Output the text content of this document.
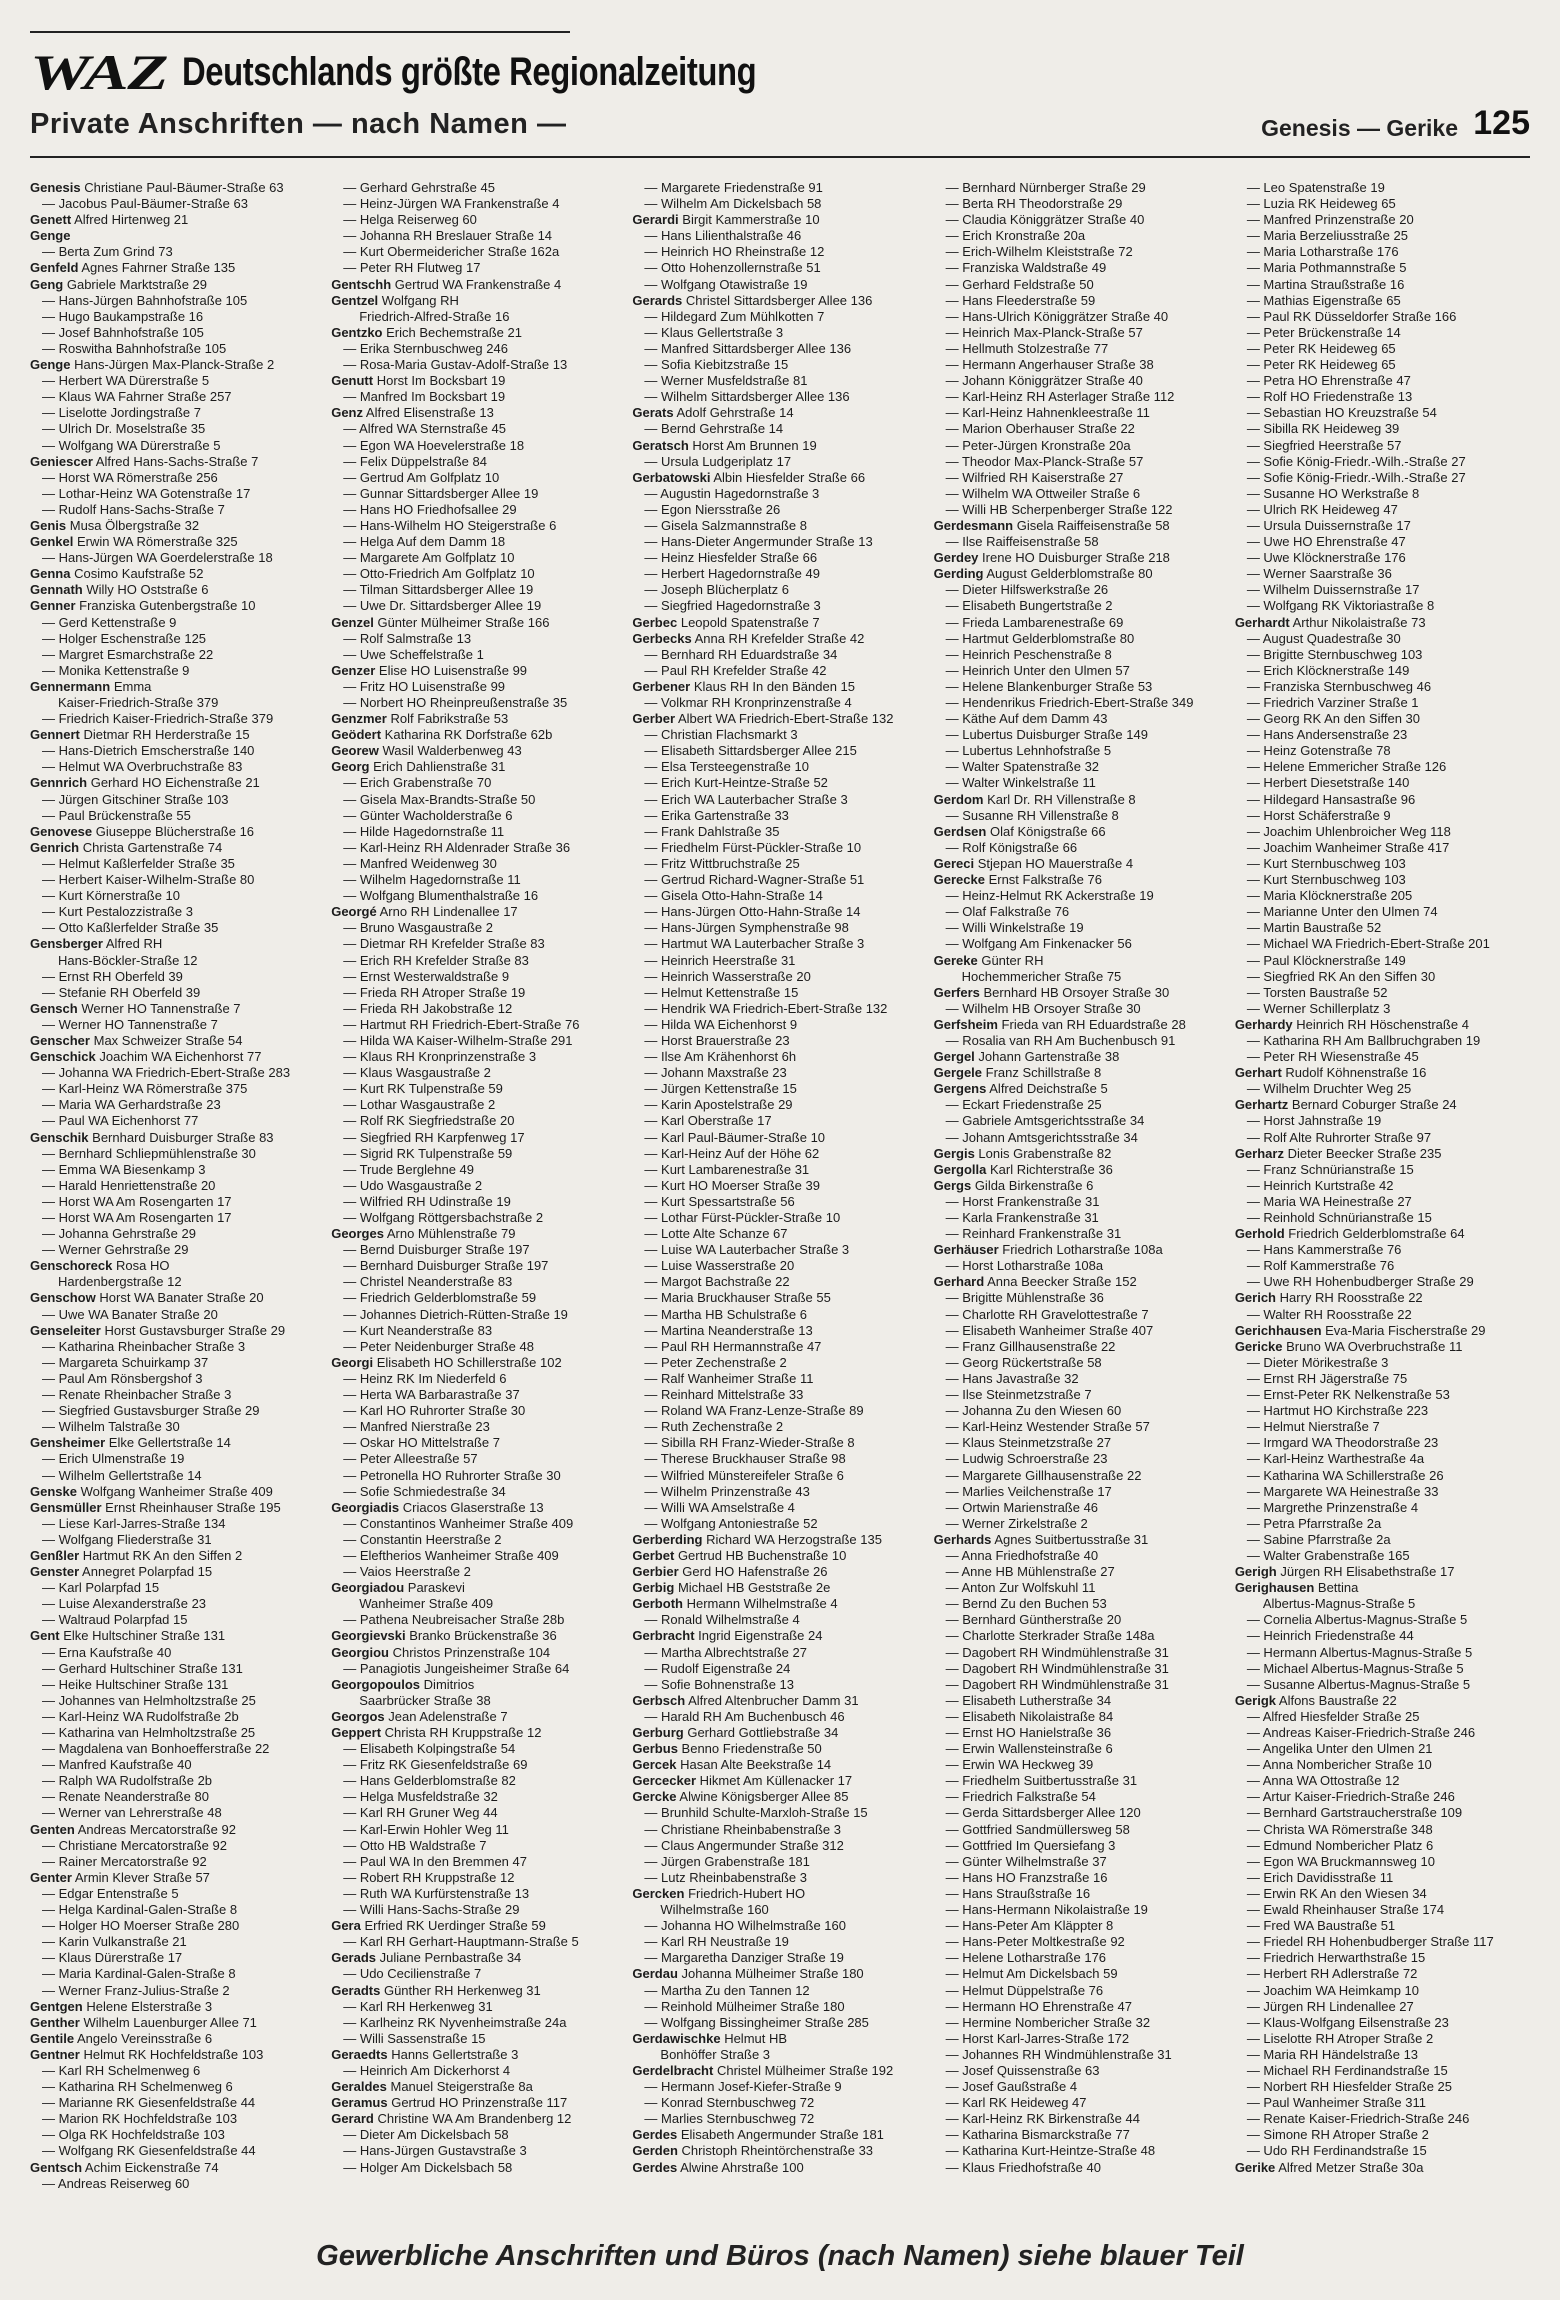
WAZ Deutschlands größte Regionalzeitung
Private Anschriften — nach Namen —	Genesis — Gerike 125
Genesis Christiane Paul-Bäumer-Straße 63
— Jacobus Paul-Bäumer-Straße 63
Genett Alfred Hirtenweg 21
Genge
— Berta Zum Grind 73
Genfeld Agnes Fahrner Straße 135
Geng Gabriele Marktstraße 29
— Hans-Jürgen Bahnhofstraße 105
— Hugo Baukampstraße 16
— Josef Bahnhofstraße 105
— Roswitha Bahnhofstraße 105
Genge Hans-Jürgen Max-Planck-Straße 2
— Herbert WA Dürerstraße 5
— Klaus WA Fahrner Straße 257
— Liselotte Jordingstraße 7
— Ulrich Dr. Moselstraße 35
— Wolfgang WA Dürerstraße 5
Geniescer Alfred Hans-Sachs-Straße 7
— Horst WA Römerstraße 256
— Lothar-Heinz WA Gotenstraße 17
— Rudolf Hans-Sachs-Straße 7
Genis Musa Ölbergstraße 32
Genkel Erwin WA Römerstraße 325
— Hans-Jürgen WA Goerdelerstraße 18
Genna Cosimo Kaufstraße 52
Gennath Willy HO Oststraße 6
Genner Franziska Gutenbergstraße 10
— Gerd Kettenstraße 9
— Holger Eschenstraße 125
— Margret Esmarchstraße 22
— Monika Kettenstraße 9
Gennermann Emma
Kaiser-Friedrich-Straße 379
— Friedrich Kaiser-Friedrich-Straße 379
Gennert Dietmar RH Herderstraße 15
— Hans-Dietrich Emscherstraße 140
— Helmut WA Overbruchstraße 83
Gennrich Gerhard HO Eichenstraße 21
— Jürgen Gitschiner Straße 103
— Paul Brückenstraße 55
Genovese Giuseppe Blücherstraße 16
Genrich Christa Gartenstraße 74
— Helmut Kaßlerfelder Straße 35
— Herbert Kaiser-Wilhelm-Straße 80
— Kurt Körnerstraße 10
— Kurt Pestalozzistraße 3
— Otto Kaßlerfelder Straße 35
Gensberger Alfred RH
Hans-Böckler-Straße 12
— Ernst RH Oberfeld 39
— Stefanie RH Oberfeld 39
Gensch Werner HO Tannenstraße 7
— Werner HO Tannenstraße 7
Genscher Max Schweizer Straße 54
Genschick Joachim WA Eichenhorst 77
— Johanna WA Friedrich-Ebert-Straße 283
— Karl-Heinz WA Römerstraße 375
— Maria WA Gerhardstraße 23
— Paul WA Eichenhorst 77
Genschik Bernhard Duisburger Straße 83
— Bernhard Schliepmühlenstraße 30
— Emma WA Biesenkamp 3
— Harald Henriettenstraße 20
— Horst WA Am Rosengarten 17
— Horst WA Am Rosengarten 17
— Johanna Gehrstraße 29
— Werner Gehrstraße 29
Genschoreck Rosa HO
Hardenbergstraße 12
Genschow Horst WA Banater Straße 20
— Uwe WA Banater Straße 20
Genseleiter Horst Gustavsburger Straße 29
— Katharina Rheinbacher Straße 3
— Margareta Schuirkamp 37
— Paul Am Rönsbergshof 3
— Renate Rheinbacher Straße 3
— Siegfried Gustavsburger Straße 29
— Wilhelm Talstraße 30
Gensheimer Elke Gellertstraße 14
— Erich Ulmenstraße 19
— Wilhelm Gellertstraße 14
Genske Wolfgang Wanheimer Straße 409
Gensmüller Ernst Rheinhauser Straße 195
— Liese Karl-Jarres-Straße 134
— Wolfgang Fliederstraße 31
Genßler Hartmut RK An den Siffen 2
Genster Annegret Polarpfad 15
— Karl Polarpfad 15
— Luise Alexanderstraße 23
— Waltraud Polarpfad 15
Gent Elke Hultschiner Straße 131
— Erna Kaufstraße 40
— Gerhard Hultschiner Straße 131
— Heike Hultschiner Straße 131
— Johannes van Helmholtzstraße 25
— Karl-Heinz WA Rudolfstraße 2b
— Katharina van Helmholtzstraße 25
— Magdalena van Bonhoefferstraße 22
— Manfred Kaufstraße 40
— Ralph WA Rudolfstraße 2b
— Renate Neanderstraße 80
— Werner van Lehrerstraße 48
Genten Andreas Mercatorstraße 92
— Christiane Mercatorstraße 92
— Rainer Mercatorstraße 92
Genter Armin Klever Straße 57
— Edgar Entenstraße 5
— Helga Kardinal-Galen-Straße 8
— Holger HO Moerser Straße 280
— Karin Vulkanstraße 21
— Klaus Dürerstraße 17
— Maria Kardinal-Galen-Straße 8
— Werner Franz-Julius-Straße 2
Gentgen Helene Elsterstraße 3
Genther Wilhelm Lauenburger Allee 71
Gentile Angelo Vereinsstraße 6
Gentner Helmut RK Hochfeldstraße 103
— Karl RH Schelmenweg 6
— Katharina RH Schelmenweg 6
— Marianne RK Giesenfeldstraße 44
— Marion RK Hochfeldstraße 103
— Olga RK Hochfeldstraße 103
— Wolfgang RK Giesenfeldstraße 44
Gentsch Achim Eickenstraße 74
— Andreas Reiserweg 60
— Gerhard Gehrstraße 45
— Heinz-Jürgen WA Frankenstraße 4
— Helga Reiserweg 60
— Johanna RH Breslauer Straße 14
— Kurt Obermeidericher Straße 162a
— Peter RH Flutweg 17
Gentschh Gertrud WA Frankenstraße 4
Gentzel Wolfgang RH
Friedrich-Alfred-Straße 16
Gentzko Erich Bechemstraße 21
— Erika Sternbuschweg 246
— Rosa-Maria Gustav-Adolf-Straße 13
Genutt Horst Im Bocksbart 19
— Manfred Im Bocksbart 19
Genz Alfred Elisenstraße 13
— Alfred WA Sternstraße 45
— Egon WA Hoevelerstraße 18
— Felix Düppelstraße 84
— Gertrud Am Golfplatz 10
— Gunnar Sittardsberger Allee 19
— Hans HO Friedhofsallee 29
— Hans-Wilhelm HO Steigerstraße 6
— Helga Auf dem Damm 18
— Margarete Am Golfplatz 10
— Otto-Friedrich Am Golfplatz 10
— Tilman Sittardsberger Allee 19
— Uwe Dr. Sittardsberger Allee 19
Genzel Günter Mülheimer Straße 166
— Rolf Salmstraße 13
— Uwe Scheffelstraße 1
Genzer Elise HO Luisenstraße 99
— Fritz HO Luisenstraße 99
— Norbert HO Rheinpreußenstraße 35
Genzmer Rolf Fabrikstraße 53
Geödert Katharina RK Dorfstraße 62b
Georew Wasil Walderbenweg 43
Georg Erich Dahlienstraße 31
— Erich Grabenstraße 70
— Gisela Max-Brandts-Straße 50
— Günter Wacholderstraße 6
— Hilde Hagedornstraße 11
— Karl-Heinz RH Aldenrader Straße 36
— Manfred Weidenweg 30
— Wilhelm Hagedornstraße 11
— Wolfgang Blumenthalstraße 16
Georgé Arno RH Lindenallee 17
— Bruno Wasgaustraße 2
— Dietmar RH Krefelder Straße 83
— Erich RH Krefelder Straße 83
— Ernst Westerwaldstraße 9
— Frieda RH Atroper Straße 19
— Frieda RH Jakobstraße 12
— Hartmut RH Friedrich-Ebert-Straße 76
— Hilda WA Kaiser-Wilhelm-Straße 291
— Klaus RH Kronprinzenstraße 3
— Klaus Wasgaustraße 2
— Kurt RK Tulpenstraße 59
— Lothar Wasgaustraße 2
— Rolf RK Siegfriedstraße 20
— Siegfried RH Karpfenweg 17
— Sigrid RK Tulpenstraße 59
— Trude Berglehne 49
— Udo Wasgaustraße 2
— Wilfried RH Udinstraße 19
— Wolfgang Röttgersbachstraße 2
Georges Arno Mühlenstraße 79
— Bernd Duisburger Straße 197
— Bernhard Duisburger Straße 197
— Christel Neanderstraße 83
— Friedrich Gelderblomstraße 59
— Johannes Dietrich-Rütten-Straße 19
— Kurt Neanderstraße 83
— Peter Neidenburger Straße 48
Georgi Elisabeth HO Schillerstraße 102
— Heinz RK Im Niederfeld 6
— Herta WA Barbarastraße 37
— Karl HO Ruhrorter Straße 30
— Manfred Nierstraße 23
— Oskar HO Mittelstraße 7
— Peter Alleestraße 57
— Petronella HO Ruhrorter Straße 30
— Sofie Schmiedestraße 34
Georgiadis Criacos Glaserstraße 13
— Constantinos Wanheimer Straße 409
— Constantin Heerstraße 2
— Eleftherios Wanheimer Straße 409
— Vaios Heerstraße 2
Georgiadou Paraskevi
Wanheimer Straße 409
— Pathena Neubreisacher Straße 28b
Georgievski Branko Brückenstraße 36
Georgiou Christos Prinzenstraße 104
— Panagiotis Jungeisheimer Straße 64
Georgopoulos Dimitrios
Saarbrücker Straße 38
Georgos Jean Adelenstraße 7
Geppert Christa RH Kruppstraße 12
— Elisabeth Kolpingstraße 54
— Fritz RK Giesenfeldstraße 69
— Hans Gelderblomstraße 82
— Helga Musfeldstraße 32
— Karl RH Gruner Weg 44
— Karl-Erwin Hohler Weg 11
— Otto HB Waldstraße 7
— Paul WA In den Bremmen 47
— Robert RH Kruppstraße 12
— Ruth WA Kurfürstenstraße 13
— Willi Hans-Sachs-Straße 29
Gera Erfried RK Uerdinger Straße 59
— Karl RH Gerhart-Hauptmann-Straße 5
Gerads Juliane Pernbastraße 34
— Udo Cecilienstraße 7
Geradts Günther RH Herkenweg 31
— Karl RH Herkenweg 31
— Karlheinz RK Nyvenheimstraße 24a
— Willi Sassenstraße 15
Geraedts Hanns Gellertstraße 3
— Heinrich Am Dickerhorst 4
Geraldes Manuel Steigerstraße 8a
Geramus Gertrud HO Prinzenstraße 117
Gerard Christine WA Am Brandenberg 12
— Dieter Am Dickelsbach 58
— Hans-Jürgen Gustavstraße 3
— Holger Am Dickelsbach 58
— Margarete Friedenstraße 91
— Wilhelm Am Dickelsbach 58
Gerardi Birgit Kammerstraße 10
— Hans Lilienthalstraße 46
— Heinrich HO Rheinstraße 12
— Otto Hohenzollernstraße 51
— Wolfgang Otawistraße 19
Gerards Christel Sittardsberger Allee 136
— Hildegard Zum Mühlkotten 7
— Klaus Gellertstraße 3
— Manfred Sittardsberger Allee 136
— Sofia Kiebitzstraße 15
— Werner Musfeldstraße 81
— Wilhelm Sittardsberger Allee 136
Gerats Adolf Gehrstraße 14
— Bernd Gehrstraße 14
Geratsch Horst Am Brunnen 19
— Ursula Ludgeriplatz 17
Gerbatowski Albin Hiesfelder Straße 66
— Augustin Hagedornstraße 3
— Egon Niersstraße 26
— Gisela Salzmannstraße 8
— Hans-Dieter Angermunder Straße 13
— Heinz Hiesfelder Straße 66
— Herbert Hagedornstraße 49
— Joseph Blücherplatz 6
— Siegfried Hagedornstraße 3
Gerbec Leopold Spatenstraße 7
Gerbecks Anna RH Krefelder Straße 42
— Bernhard RH Eduardstraße 34
— Paul RH Krefelder Straße 42
Gerbener Klaus RH In den Bänden 15
— Volkmar RH Kronprinzenstraße 4
Gerber Albert WA Friedrich-Ebert-Straße 132
— Christian Flachsmarkt 3
— Elisabeth Sittardsberger Allee 215
— Elsa Tersteegenstraße 10
— Erich Kurt-Heintze-Straße 52
— Erich WA Lauterbacher Straße 3
— Erika Gartenstraße 33
— Frank Dahlstraße 35
— Friedhelm Fürst-Pückler-Straße 10
— Fritz Wittbruchstraße 25
— Gertrud Richard-Wagner-Straße 51
— Gisela Otto-Hahn-Straße 14
— Hans-Jürgen Otto-Hahn-Straße 14
— Hans-Jürgen Symphenstraße 98
— Hartmut WA Lauterbacher Straße 3
— Heinrich Heerstraße 31
— Heinrich Wasserstraße 20
— Helmut Kettenstraße 15
— Hendrik WA Friedrich-Ebert-Straße 132
— Hilda WA Eichenhorst 9
— Horst Brauerstraße 23
— Ilse Am Krähenhorst 6h
— Johann Maxstraße 23
— Jürgen Kettenstraße 15
— Karin Apostelstraße 29
— Karl Oberstraße 17
— Karl Paul-Bäumer-Straße 10
— Karl-Heinz Auf der Höhe 62
— Kurt Lambarenestraße 31
— Kurt HO Moerser Straße 39
— Kurt Spessartstraße 56
— Lothar Fürst-Pückler-Straße 10
— Lotte Alte Schanze 67
— Luise WA Lauterbacher Straße 3
— Luise Wasserstraße 20
— Margot Bachstraße 22
— Maria Bruckhauser Straße 55
— Martha HB Schulstraße 6
— Martina Neanderstraße 13
— Paul RH Hermannstraße 47
— Peter Zechenstraße 2
— Ralf Wanheimer Straße 11
— Reinhard Mittelstraße 33
— Roland WA Franz-Lenze-Straße 89
— Ruth Zechenstraße 2
— Sibilla RH Franz-Wieder-Straße 8
— Therese Bruckhauser Straße 98
— Wilfried Münstereifeler Straße 6
— Wilhelm Prinzenstraße 43
— Willi WA Amselstraße 4
— Wolfgang Antoniestraße 52
Gerberding Richard WA Herzogstraße 135
Gerbet Gertrud HB Buchenstraße 10
Gerbier Gerd HO Hafenstraße 26
Gerbig Michael HB Geststraße 2e
Gerboth Hermann Wilhelmstraße 4
— Ronald Wilhelmstraße 4
Gerbracht Ingrid Eigenstraße 24
— Martha Albrechtstraße 27
— Rudolf Eigenstraße 24
— Sofie Bohnenstraße 13
Gerbsch Alfred Altenbrucher Damm 31
— Harald RH Am Buchenbusch 46
Gerburg Gerhard Gottliebstraße 34
Gerbus Benno Friedenstraße 50
Gercek Hasan Alte Beekstraße 14
Gercecker Hikmet Am Küllenacker 17
Gercke Alwine Königsberger Allee 85
— Brunhild Schulte-Marxloh-Straße 15
— Christiane Rheinbabenstraße 3
— Claus Angermunder Straße 312
— Jürgen Grabenstraße 181
— Lutz Rheinbabenstraße 3
Gercken Friedrich-Hubert HO
Wilhelmstraße 160
— Johanna HO Wilhelmstraße 160
— Karl RH Neustraße 19
— Margaretha Danziger Straße 19
Gerdau Johanna Mülheimer Straße 180
— Martha Zu den Tannen 12
— Reinhold Mülheimer Straße 180
— Wolfgang Bissingheimer Straße 285
Gerdawischke Helmut HB
Bonhöffer Straße 3
Gerdelbracht Christel Mülheimer Straße 192
— Hermann Josef-Kiefer-Straße 9
— Konrad Sternbuschweg 72
— Marlies Sternbuschweg 72
Gerdes Elisabeth Angermunder Straße 181
Gerden Christoph Rheintörchenstraße 33
Gerdes Alwine Ahrstraße 100
— Bernhard Nürnberger Straße 29
— Berta RH Theodorstraße 29
— Claudia Königgrätzer Straße 40
— Erich Kronstraße 20a
— Erich-Wilhelm Kleiststraße 72
— Franziska Waldstraße 49
— Gerhard Feldstraße 50
— Hans Fleederstraße 59
— Hans-Ulrich Königgrätzer Straße 40
— Heinrich Max-Planck-Straße 57
— Hellmuth Stolzestraße 77
— Hermann Angerhauser Straße 38
— Johann Königgrätzer Straße 40
— Karl-Heinz RH Asterlager Straße 112
— Karl-Heinz Hahnenkleestraße 11
— Marion Oberhauser Straße 22
— Peter-Jürgen Kronstraße 20a
— Theodor Max-Planck-Straße 57
— Wilfried RH Kaiserstraße 27
— Wilhelm WA Ottweiler Straße 6
— Willi HB Scherpenberger Straße 122
Gerdesmann Gisela Raiffeisenstraße 58
— Ilse Raiffeisenstraße 58
Gerdey Irene HO Duisburger Straße 218
Gerding August Gelderblomstraße 80
— Dieter Hilfswerkstraße 26
— Elisabeth Bungertstraße 2
— Frieda Lambarenestraße 69
— Hartmut Gelderblomstraße 80
— Heinrich Peschenstraße 8
— Heinrich Unter den Ulmen 57
— Helene Blankenburger Straße 53
— Hendenrikus Friedrich-Ebert-Straße 349
— Käthe Auf dem Damm 43
— Lubertus Duisburger Straße 149
— Lubertus Lehnhofstraße 5
— Walter Spatenstraße 32
— Walter Winkelstraße 11
Gerdom Karl Dr. RH Villenstraße 8
— Susanne RH Villenstraße 8
Gerdsen Olaf Königstraße 66
— Rolf Königstraße 66
Gereci Stjepan HO Mauerstraße 4
Gerecke Ernst Falkstraße 76
— Heinz-Helmut RK Ackerstraße 19
— Olaf Falkstraße 76
— Willi Winkelstraße 19
— Wolfgang Am Finkenacker 56
Gereke Günter RH
Hochemmericher Straße 75
Gerfers Bernhard HB Orsoyer Straße 30
— Wilhelm HB Orsoyer Straße 30
Gerfsheim Frieda van RH Eduardstraße 28
— Rosalia van RH Am Buchenbusch 91
Gergel Johann Gartenstraße 38
Gergele Franz Schillstraße 8
Gergens Alfred Deichstraße 5
— Eckart Friedenstraße 25
— Gabriele Amtsgerichtsstraße 34
— Johann Amtsgerichtsstraße 34
Gergis Lonis Grabenstraße 82
Gergolla Karl Richterstraße 36
Gergs Gilda Birkenstraße 6
— Horst Frankenstraße 31
— Karla Frankenstraße 31
— Reinhard Frankenstraße 31
Gerhäuser Friedrich Lotharstraße 108a
— Horst Lotharstraße 108a
Gerhard Anna Beecker Straße 152
— Brigitte Mühlenstraße 36
— Charlotte RH Gravelottestraße 7
— Elisabeth Wanheimer Straße 407
— Franz Gillhausenstraße 22
— Georg Rückertstraße 58
— Hans Javastraße 32
— Ilse Steinmetzstraße 7
— Johanna Zu den Wiesen 60
— Karl-Heinz Westender Straße 57
— Klaus Steinmetzstraße 27
— Ludwig Schroerstraße 23
— Margarete Gillhausenstraße 22
— Marlies Veilchenstraße 17
— Ortwin Marienstraße 46
— Werner Zirkelstraße 2
Gerhards Agnes Suitbertusstraße 31
— Anna Friedhofstraße 40
— Anne HB Mühlenstraße 27
— Anton Zur Wolfskuhl 11
— Bernd Zu den Buchen 53
— Bernhard Güntherstraße 20
— Charlotte Sterkrader Straße 148a
— Dagobert RH Windmühlenstraße 31
— Dagobert RH Windmühlenstraße 31
— Dagobert RH Windmühlenstraße 31
— Elisabeth Lutherstraße 34
— Elisabeth Nikolaistraße 84
— Ernst HO Hanielstraße 36
— Erwin Wallensteinstraße 6
— Erwin WA Heckweg 39
— Friedhelm Suitbertusstraße 31
— Friedrich Falkstraße 54
— Gerda Sittardsberger Allee 120
— Gottfried Sandmüllersweg 58
— Gottfried Im Quersiefang 3
— Günter Wilhelmstraße 37
— Hans HO Franzstraße 16
— Hans Straußstraße 16
— Hans-Hermann Nikolaistraße 19
— Hans-Peter Am Kläppter 8
— Hans-Peter Moltkestraße 92
— Helene Lotharstraße 176
— Helmut Am Dickelsbach 59
— Helmut Düppelstraße 76
— Hermann HO Ehrenstraße 47
— Hermine Nombericher Straße 32
— Horst Karl-Jarres-Straße 172
— Johannes RH Windmühlenstraße 31
— Josef Quissenstraße 63
— Josef Gaußstraße 4
— Karl RK Heideweg 47
— Karl-Heinz RK Birkenstraße 44
— Katharina Bismarckstraße 77
— Katharina Kurt-Heintze-Straße 48
— Klaus Friedhofstraße 40
— Leo Spatenstraße 19
— Luzia RK Heideweg 65
— Manfred Prinzenstraße 20
— Maria Berzeliusstraße 25
— Maria Lotharstraße 176
— Maria Pothmannstraße 5
— Martina Straußstraße 16
— Mathias Eigenstraße 65
— Paul RK Düsseldorfer Straße 166
— Peter Brückenstraße 14
— Peter RK Heideweg 65
— Peter RK Heideweg 65
— Petra HO Ehrenstraße 47
— Rolf HO Friedenstraße 13
— Sebastian HO Kreuzstraße 54
— Sibilla RK Heideweg 39
— Siegfried Heerstraße 57
— Sofie König-Friedr.-Wilh.-Straße 27
— Sofie König-Friedr.-Wilh.-Straße 27
— Susanne HO Werkstraße 8
— Ulrich RK Heideweg 47
— Ursula Duissernstraße 17
— Uwe HO Ehrenstraße 47
— Uwe Klöcknerstraße 176
— Werner Saarstraße 36
— Wilhelm Duissernstraße 17
— Wolfgang RK Viktoriastraße 8
Gerhardt Arthur Nikolaistraße 73
— August Quadestraße 30
— Brigitte Sternbuschweg 103
— Erich Klöcknerstraße 149
— Franziska Sternbuschweg 46
— Friedrich Varziner Straße 1
— Georg RK An den Siffen 30
— Hans Andersenstraße 23
— Heinz Gotenstraße 78
— Helene Emmericher Straße 126
— Herbert Diesetstraße 140
— Hildegard Hansastraße 96
— Horst Schäferstraße 9
— Joachim Uhlenbroicher Weg 118
— Joachim Wanheimer Straße 417
— Kurt Sternbuschweg 103
— Kurt Sternbuschweg 103
— Maria Klöcknerstraße 205
— Marianne Unter den Ulmen 74
— Martin Baustraße 52
— Michael WA Friedrich-Ebert-Straße 201
— Paul Klöcknerstraße 149
— Siegfried RK An den Siffen 30
— Torsten Baustraße 52
— Werner Schillerplatz 3
Gerhardy Heinrich RH Höschenstraße 4
— Katharina RH Am Ballbruchgraben 19
— Peter RH Wiesenstraße 45
Gerhart Rudolf Köhnenstraße 16
— Wilhelm Druchter Weg 25
Gerhartz Bernard Coburger Straße 24
— Horst Jahnstraße 19
— Rolf Alte Ruhrorter Straße 97
Gerharz Dieter Beecker Straße 235
— Franz Schnürianstraße 15
— Heinrich Kurtstraße 42
— Maria WA Heinestraße 27
— Reinhold Schnürianstraße 15
Gerhold Friedrich Gelderblomstraße 64
— Hans Kammerstraße 76
— Rolf Kammerstraße 76
— Uwe RH Hohenbudberger Straße 29
Gerich Harry RH Roosstraße 22
— Walter RH Roosstraße 22
Gerichhausen Eva-Maria Fischerstraße 29
Gericke Bruno WA Overbruchstraße 11
— Dieter Mörikestraße 3
— Ernst RH Jägerstraße 75
— Ernst-Peter RK Nelkenstraße 53
— Hartmut HO Kirchstraße 223
— Helmut Nierstraße 7
— Irmgard WA Theodorstraße 23
— Karl-Heinz Warthestraße 4a
— Katharina WA Schillerstraße 26
— Margarete WA Heinestraße 33
— Margrethe Prinzenstraße 4
— Petra Pfarrstraße 2a
— Sabine Pfarrstraße 2a
— Walter Grabenstraße 165
Gerigh Jürgen RH Elisabethstraße 17
Gerighausen Bettina
Albertus-Magnus-Straße 5
— Cornelia Albertus-Magnus-Straße 5
— Heinrich Friedenstraße 44
— Hermann Albertus-Magnus-Straße 5
— Michael Albertus-Magnus-Straße 5
— Susanne Albertus-Magnus-Straße 5
Gerigk Alfons Baustraße 22
— Alfred Hiesfelder Straße 25
— Andreas Kaiser-Friedrich-Straße 246
— Angelika Unter den Ulmen 21
— Anna Nombericher Straße 10
— Anna WA Ottostraße 12
— Artur Kaiser-Friedrich-Straße 246
— Bernhard Gartstraucherstraße 109
— Christa WA Römerstraße 348
— Edmund Nombericher Platz 6
— Egon WA Bruckmannsweg 10
— Erich Davidisstraße 11
— Erwin RK An den Wiesen 34
— Ewald Rheinhauser Straße 174
— Fred WA Baustraße 51
— Friedel RH Hohenbudberger Straße 117
— Friedrich Herwarthstraße 15
— Herbert RH Adlerstraße 72
— Joachim WA Heimkamp 10
— Jürgen RH Lindenallee 27
— Klaus-Wolfgang Eilsenstraße 23
— Liselotte RH Atroper Straße 2
— Maria RH Händelstraße 13
— Michael RH Ferdinandstraße 15
— Norbert RH Hiesfelder Straße 25
— Paul Wanheimer Straße 311
— Renate Kaiser-Friedrich-Straße 246
— Simone RH Atroper Straße 2
— Udo RH Ferdinandstraße 15
Gerike Alfred Metzer Straße 30a
Gewerbliche Anschriften und Büros (nach Namen) siehe blauer Teil
